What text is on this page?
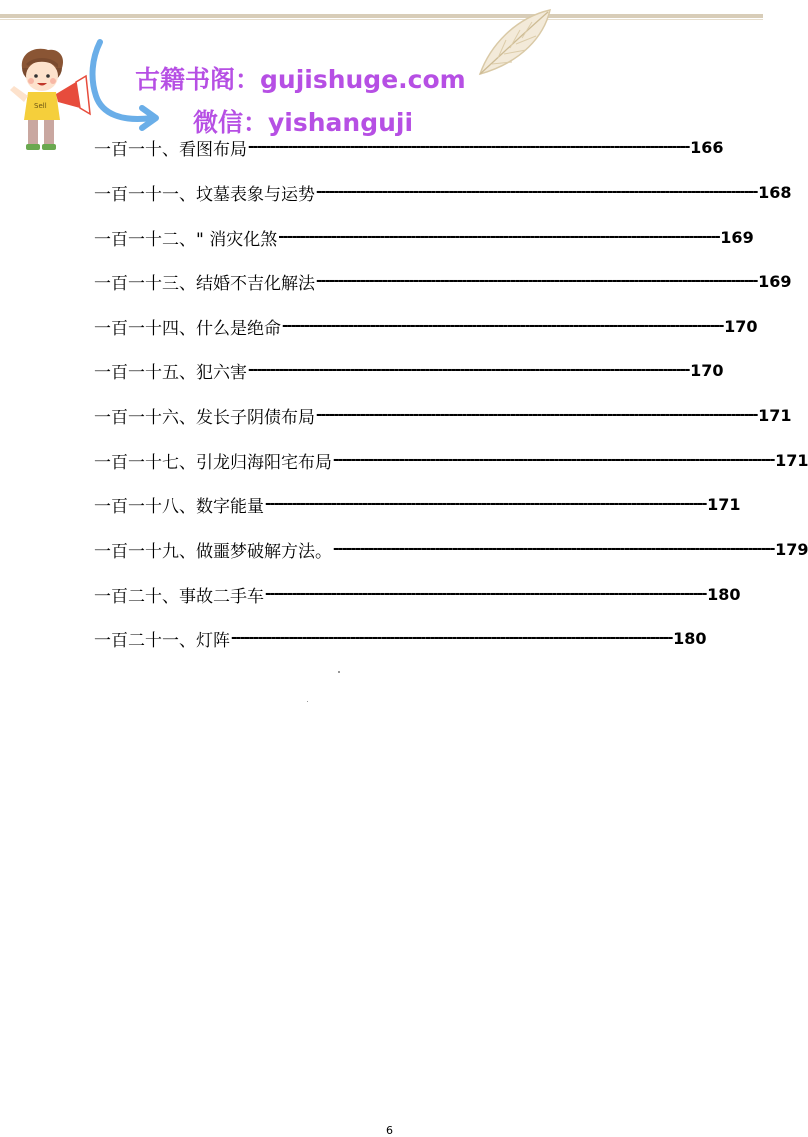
Sell
古籍书阁：gujishuge.com
微信：yishanguji
一百一十、看图布局 ---------------------------------------------------------------------------------------------------- 166
一百一十一、坟墓表象与运势 ---------------------------------------------------------------------------------------------------- 168
一百一十二、" 消灾化煞 ---------------------------------------------------------------------------------------------------- 169
一百一十三、结婚不吉化解法 ---------------------------------------------------------------------------------------------------- 169
一百一十四、什么是绝命 ---------------------------------------------------------------------------------------------------- 170
一百一十五、犯六害 ---------------------------------------------------------------------------------------------------- 170
一百一十六、发长子阴债布局 ---------------------------------------------------------------------------------------------------- 171
一百一十七、引龙归海阳宅布局 ---------------------------------------------------------------------------------------------------- 171
一百一十八、数字能量 ---------------------------------------------------------------------------------------------------- 171
一百一十九、做噩梦破解方法。 ---------------------------------------------------------------------------------------------------- 179
一百二十、事故二手车 ---------------------------------------------------------------------------------------------------- 180
一百二十一、灯阵 ---------------------------------------------------------------------------------------------------- 180
6
